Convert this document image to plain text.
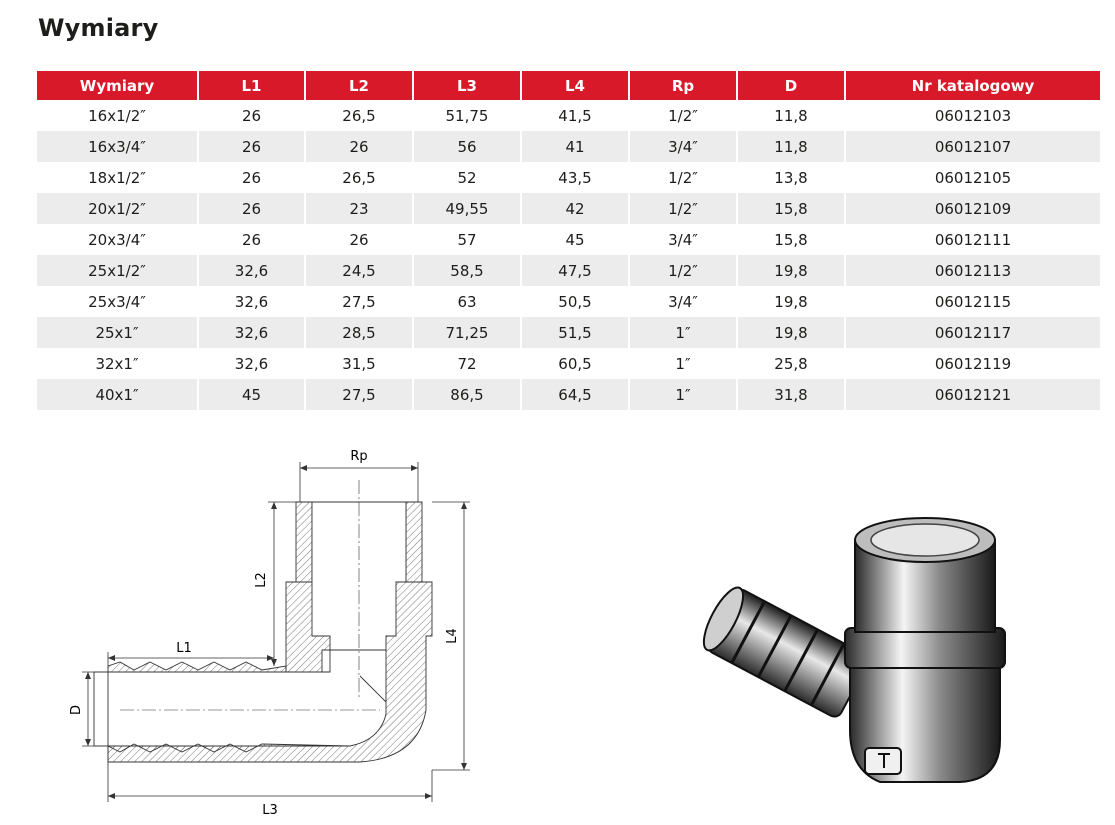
Wymiary
Wymiary	L1	L2	L3	L4	Rp	D	Nr katalogowy
16x1/2″	26	26,5	51,75	41,5	1/2″	11,8	06012103
16x3/4″	26	26	56	41	3/4″	11,8	06012107
18x1/2″	26	26,5	52	43,5	1/2″	13,8	06012105
20x1/2″	26	23	49,55	42	1/2″	15,8	06012109
20x3/4″	26	26	57	45	3/4″	15,8	06012111
25x1/2″	32,6	24,5	58,5	47,5	1/2″	19,8	06012113
25x3/4″	32,6	27,5	63	50,5	3/4″	19,8	06012115
25x1″	32,6	28,5	71,25	51,5	1″	19,8	06012117
32x1″	32,6	31,5	72	60,5	1″	25,8	06012119
40x1″	45	27,5	86,5	64,5	1″	31,8	06012121
Rp
L1
L3
L2
L4
D
